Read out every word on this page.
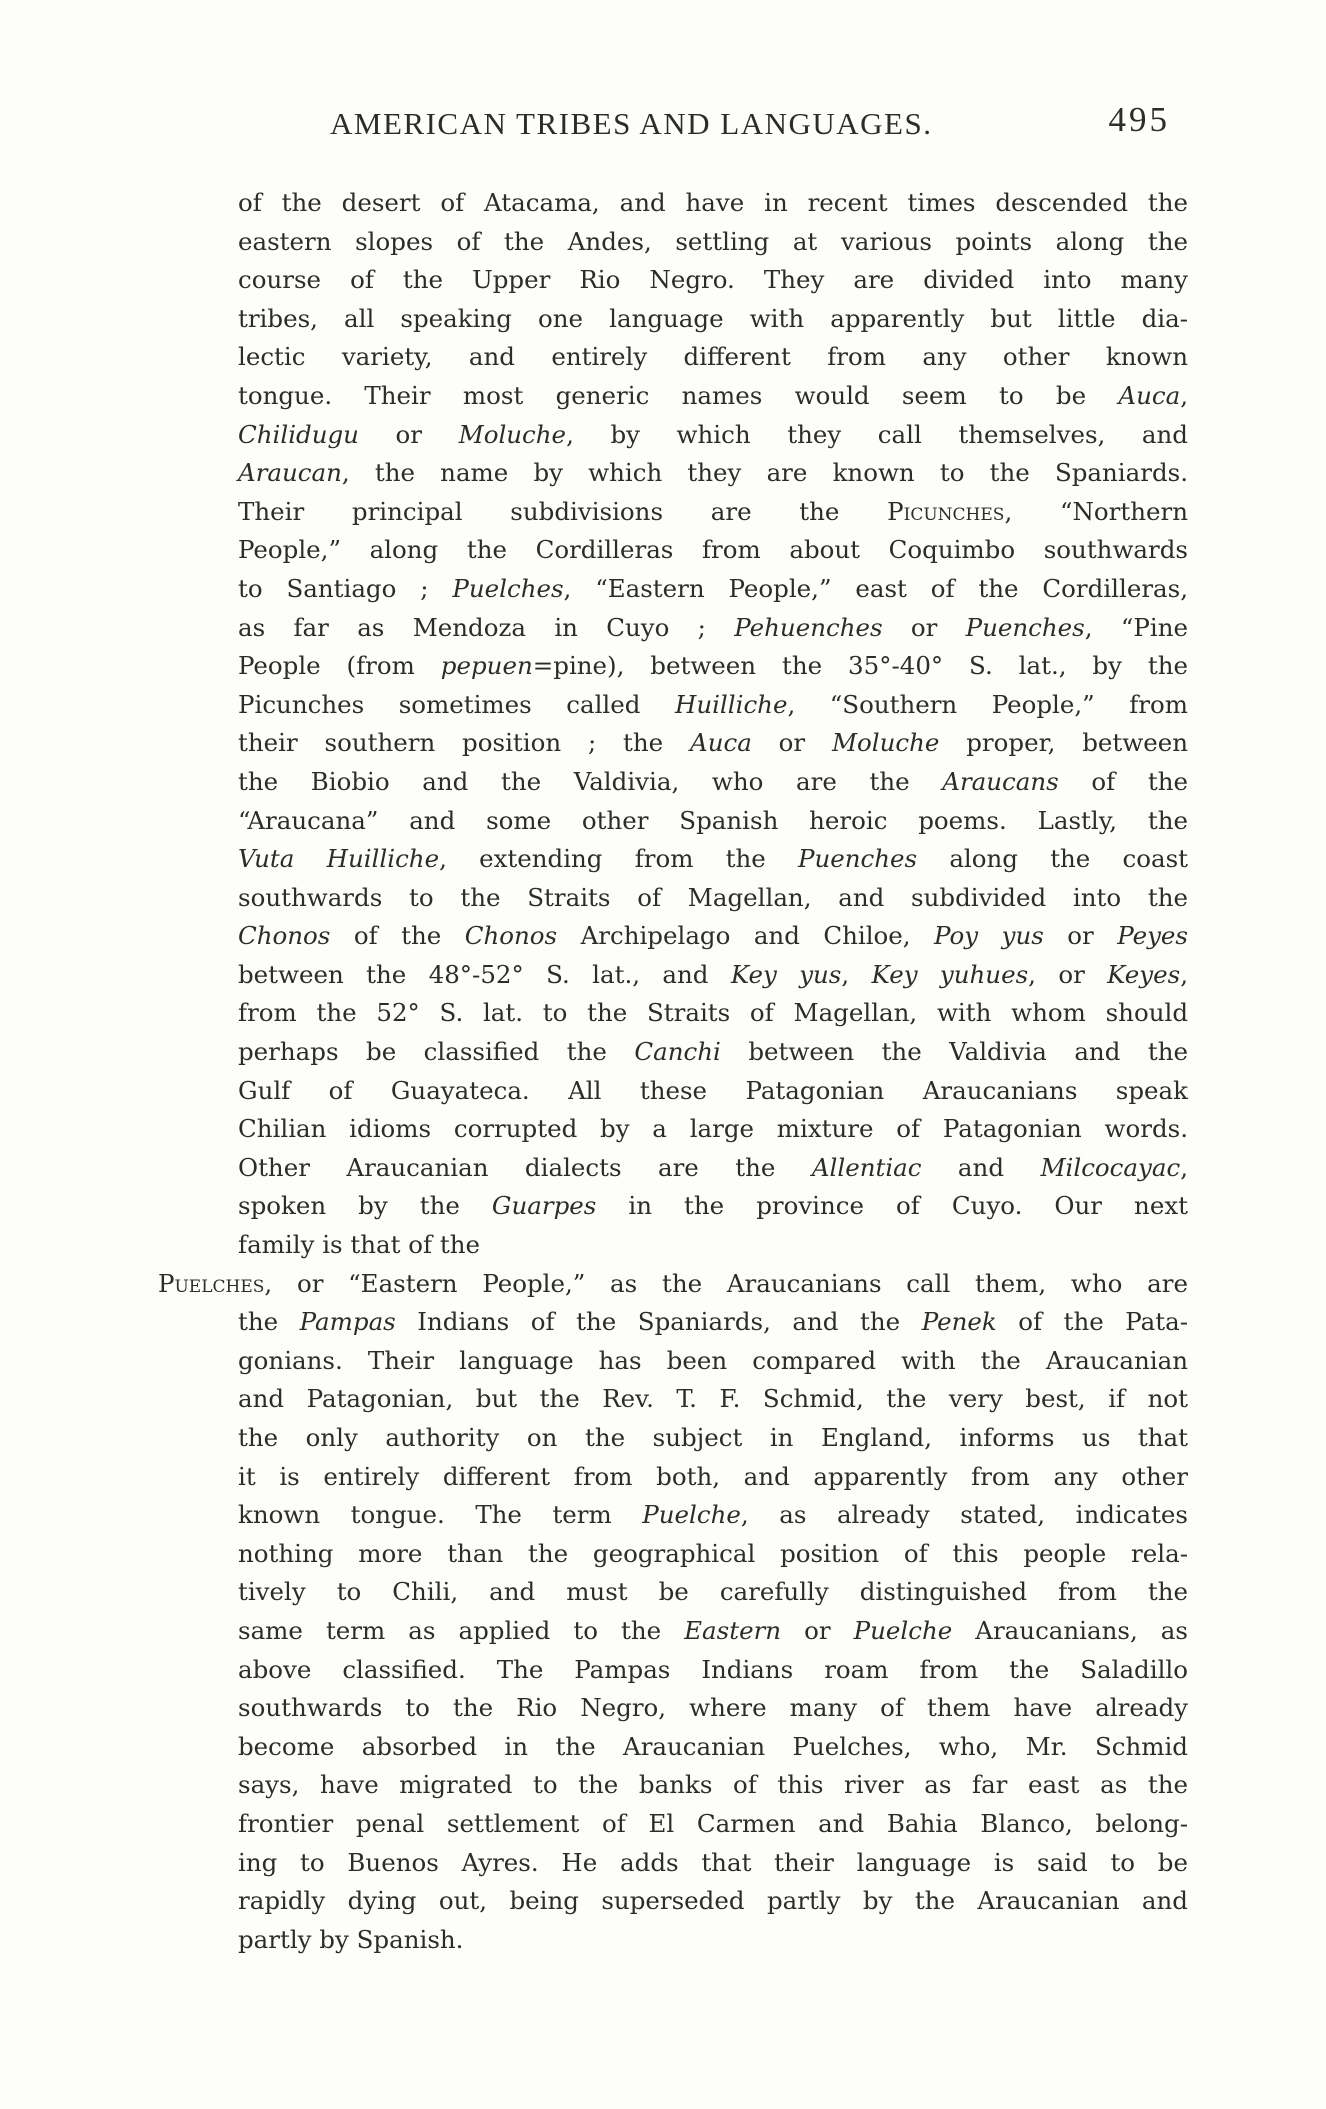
AMERICAN TRIBES AND LANGUAGES.	495
of the desert of Atacama, and have in recent times descended the
eastern slopes of the Andes, settling at various points along the
course of the Upper Rio Negro. They are divided into many
tribes, all speaking one language with apparently but little dia-
lectic variety, and entirely different from any other known
tongue. Their most generic names would seem to be Auca,
Chilidugu or Moluche, by which they call themselves, and
Araucan, the name by which they are known to the Spaniards.
Their principal subdivisions are the Picunches, “Northern
People,” along the Cordilleras from about Coquimbo southwards
to Santiago ; Puelches, “Eastern People,” east of the Cordilleras,
as far as Mendoza in Cuyo ; Pehuenches or Puenches, “Pine
People (from pepuen=pine), between the 35°-40° S. lat., by the
Picunches sometimes called Huilliche, “Southern People,” from
their southern position ; the Auca or Moluche proper, between
the Biobio and the Valdivia, who are the Araucans of the
“Araucana” and some other Spanish heroic poems. Lastly, the
Vuta Huilliche, extending from the Puenches along the coast
southwards to the Straits of Magellan, and subdivided into the
Chonos of the Chonos Archipelago and Chiloe, Poy yus or Peyes
between the 48°-52° S. lat., and Key yus, Key yuhues, or Keyes,
from the 52° S. lat. to the Straits of Magellan, with whom should
perhaps be classified the Canchi between the Valdivia and the
Gulf of Guayateca. All these Patagonian Araucanians speak
Chilian idioms corrupted by a large mixture of Patagonian words.
Other Araucanian dialects are the Allentiac and Milcocayac,
spoken by the Guarpes in the province of Cuyo. Our next
family is that of the
Puelches, or “Eastern People,” as the Araucanians call them, who are
the Pampas Indians of the Spaniards, and the Penek of the Pata-
gonians. Their language has been compared with the Araucanian
and Patagonian, but the Rev. T. F. Schmid, the very best, if not
the only authority on the subject in England, informs us that
it is entirely different from both, and apparently from any other
known tongue. The term Puelche, as already stated, indicates
nothing more than the geographical position of this people rela-
tively to Chili, and must be carefully distinguished from the
same term as applied to the Eastern or Puelche Araucanians, as
above classified. The Pampas Indians roam from the Saladillo
southwards to the Rio Negro, where many of them have already
become absorbed in the Araucanian Puelches, who, Mr. Schmid
says, have migrated to the banks of this river as far east as the
frontier penal settlement of El Carmen and Bahia Blanco, belong-
ing to Buenos Ayres. He adds that their language is said to be
rapidly dying out, being superseded partly by the Araucanian and
partly by Spanish.
